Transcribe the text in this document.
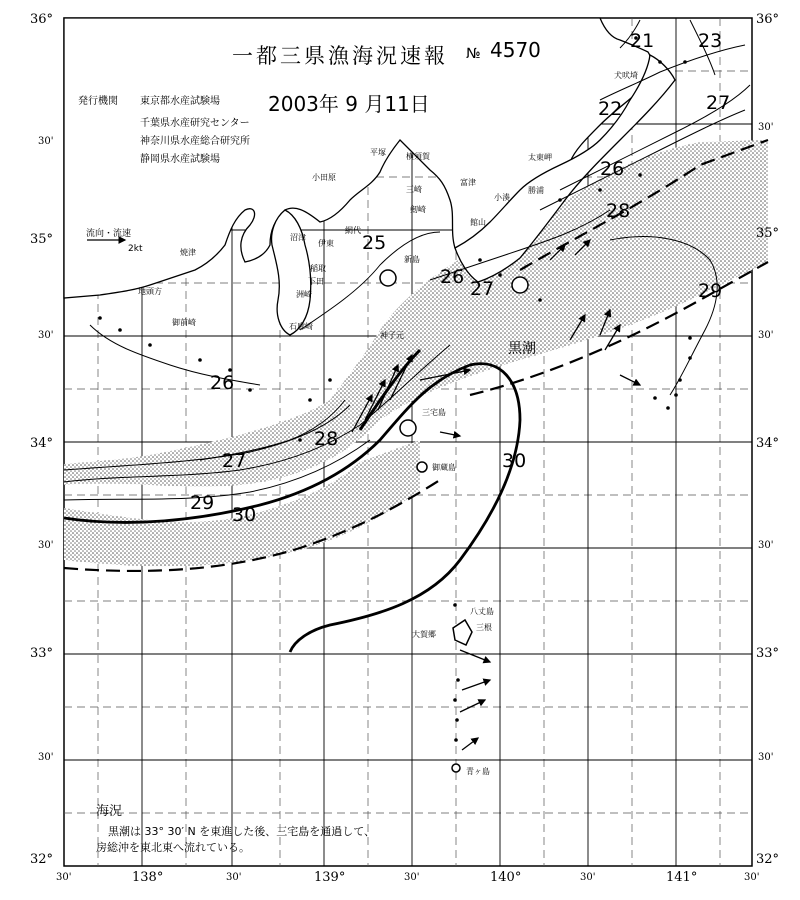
犬吠埼
太東岬
勝浦
小湊
富津
平塚	横須賀
小田原
三崎
館山
剱崎
伊東
沼津
網代
稲取
下田
石廊崎
焼津
御前崎
地頭方
新島
三宅島
御蔵島
八丈島
大賀郷
三根
青ヶ島
洲崎
神子元
一都三県漁海況速報 № 4570
2003年 9 月11日
発行機関 東京都水産試験場
千葉県水産研究センター
神奈川県水産総合研究所
静岡県水産試験場
流向・流速
2kt
36°
30'
35°
30'
34°
30'
33°
30'
32°
36°
30'
35°
30'
34°
30'
33°
30'
32°
30'	138°	30'	139°	30'	140°	30'	141°	30'
21 23
22	27
26
28
25
26
27	29
26
28
27	30
29
30
黒潮
海況
黒潮は 33° 30′ N を東進した後、三宅島を通過して、
房総沖を東北東へ流れている。
